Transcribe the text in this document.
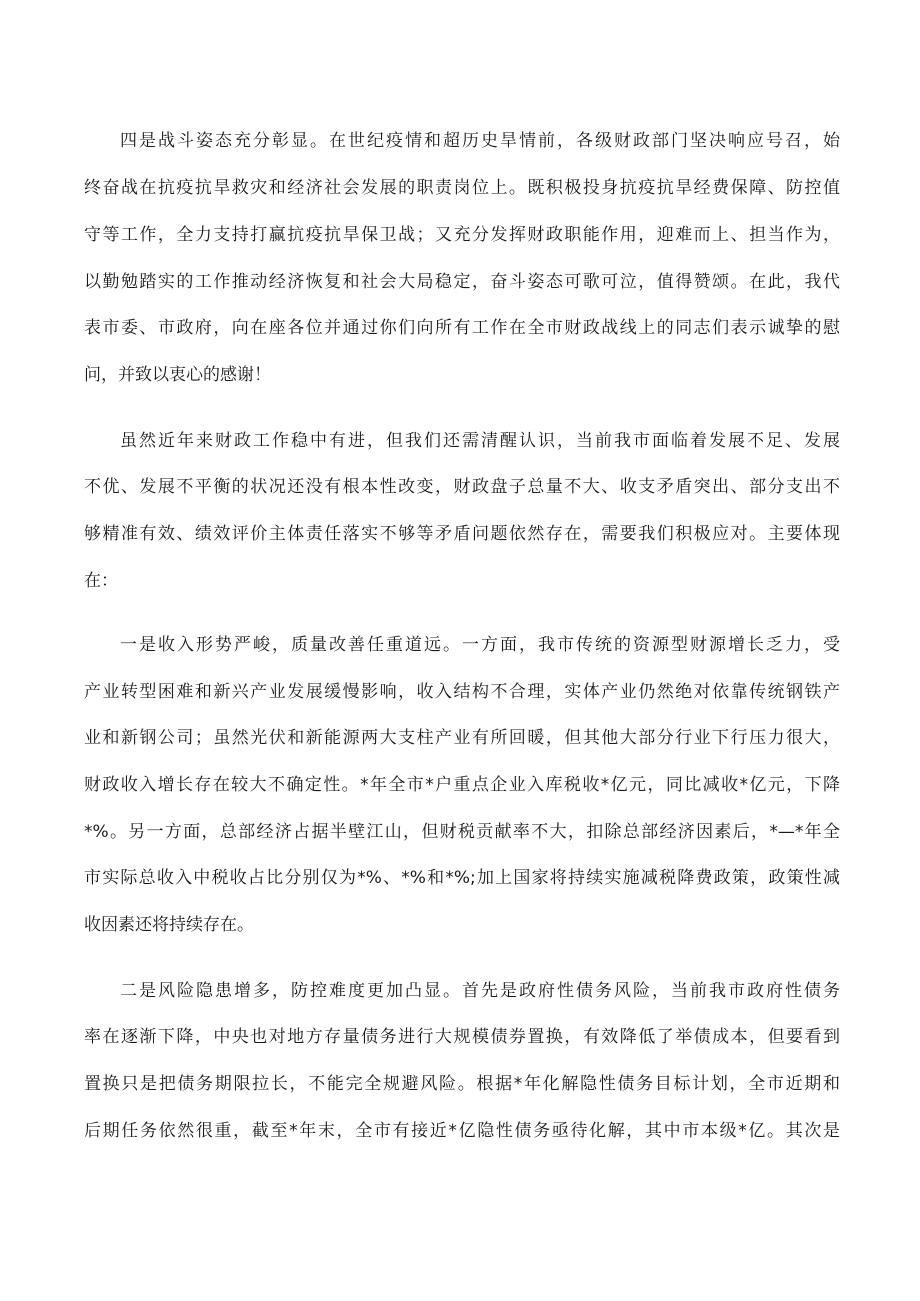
四是战斗姿态充分彰显。在世纪疫情和超历史旱情前，各级财政部门坚决响应号召，始
终奋战在抗疫抗旱救灾和经济社会发展的职责岗位上。既积极投身抗疫抗旱经费保障、防控值
守等工作，全力支持打赢抗疫抗旱保卫战；又充分发挥财政职能作用，迎难而上、担当作为，
以勤勉踏实的工作推动经济恢复和社会大局稳定，奋斗姿态可歌可泣，值得赞颂。在此，我代
表市委、市政府，向在座各位并通过你们向所有工作在全市财政战线上的同志们表示诚挚的慰
问，并致以衷心的感谢！
虽然近年来财政工作稳中有进，但我们还需清醒认识，当前我市面临着发展不足、发展
不优、发展不平衡的状况还没有根本性改变，财政盘子总量不大、收支矛盾突出、部分支出不
够精准有效、绩效评价主体责任落实不够等矛盾问题依然存在，需要我们积极应对。主要体现
在：
一是收入形势严峻，质量改善任重道远。一方面，我市传统的资源型财源增长乏力，受
产业转型困难和新兴产业发展缓慢影响，收入结构不合理，实体产业仍然绝对依靠传统钢铁产
业和新钢公司；虽然光伏和新能源两大支柱产业有所回暖，但其他大部分行业下行压力很大，
财政收入增长存在较大不确定性。*年全市*户重点企业入库税收*亿元，同比减收*亿元，下降
*%。另一方面，总部经济占据半壁江山，但财税贡献率不大，扣除总部经济因素后，*—*年全
市实际总收入中税收占比分别仅为*%、*%和*%;加上国家将持续实施减税降费政策，政策性减
收因素还将持续存在。
二是风险隐患增多，防控难度更加凸显。首先是政府性债务风险，当前我市政府性债务
率在逐渐下降，中央也对地方存量债务进行大规模债券置换，有效降低了举债成本，但要看到
置换只是把债务期限拉长，不能完全规避风险。根据*年化解隐性债务目标计划，全市近期和
后期任务依然很重，截至*年末，全市有接近*亿隐性债务亟待化解，其中市本级*亿。其次是
